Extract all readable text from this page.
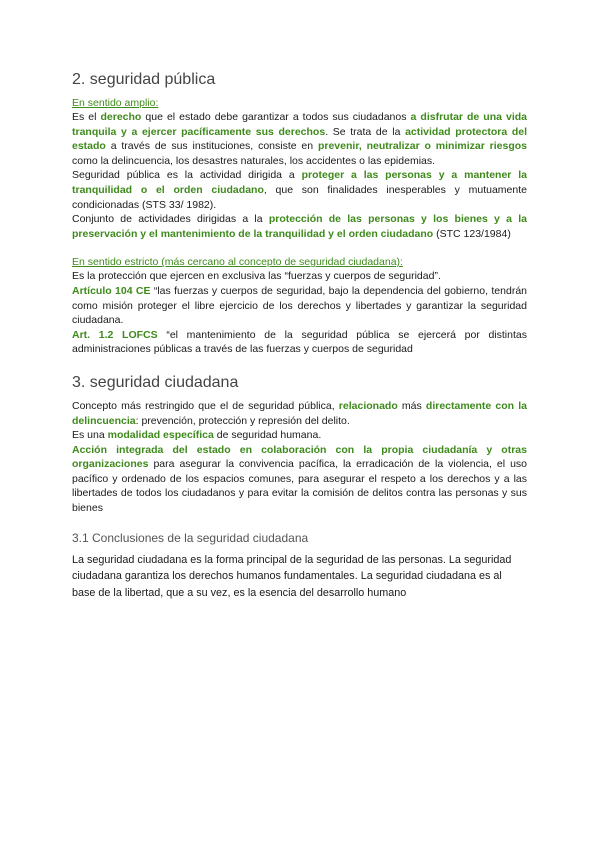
2. seguridad pública
En sentido amplio:

Es el derecho que el estado debe garantizar a todos sus ciudadanos a disfrutar de una vida tranquila y a ejercer pacíficamente sus derechos. Se trata de la actividad protectora del estado a través de sus instituciones, consiste en prevenir, neutralizar o minimizar riesgos como la delincuencia, los desastres naturales, los accidentes o las epidemias.

Seguridad pública es la actividad dirigida a proteger a las personas y a mantener la tranquilidad o el orden ciudadano, que son finalidades inesperables y mutuamente condicionadas (STS 33/ 1982).

Conjunto de actividades dirigidas a la protección de las personas y los bienes y a la preservación y el mantenimiento de la tranquilidad y el orden ciudadano (STC 123/1984)

En sentido estricto (más cercano al concepto de seguridad ciudadana):

Es la protección que ejercen en exclusiva las “fuerzas y cuerpos de seguridad”.

Artículo 104 CE “las fuerzas y cuerpos de seguridad, bajo la dependencia del gobierno, tendrán como misión proteger el libre ejercicio de los derechos y libertades y garantizar la seguridad ciudadana.

Art. 1.2 LOFCS “el mantenimiento de la seguridad pública se ejercerá por distintas administraciones públicas a través de las fuerzas y cuerpos de seguridad

3. seguridad ciudadana

Concepto más restringido que el de seguridad pública, relacionado más directamente con la delincuencia: prevención, protección y represión del delito.

Es una modalidad específica de seguridad humana.

Acción integrada del estado en colaboración con la propia ciudadanía y otras organizaciones para asegurar la convivencia pacífica, la erradicación de la violencia, el uso pacífico y ordenado de los espacios comunes, para asegurar el respeto a los derechos y a las libertades de todos los ciudadanos y para evitar la comisión de delitos contra las personas y sus bienes

3.1 Conclusiones de la seguridad ciudadana

La seguridad ciudadana es la forma principal de la seguridad de las personas. La seguridad ciudadana garantiza los derechos humanos fundamentales. La seguridad ciudadana es al base de la libertad, que a su vez, es la esencia del desarrollo humano
